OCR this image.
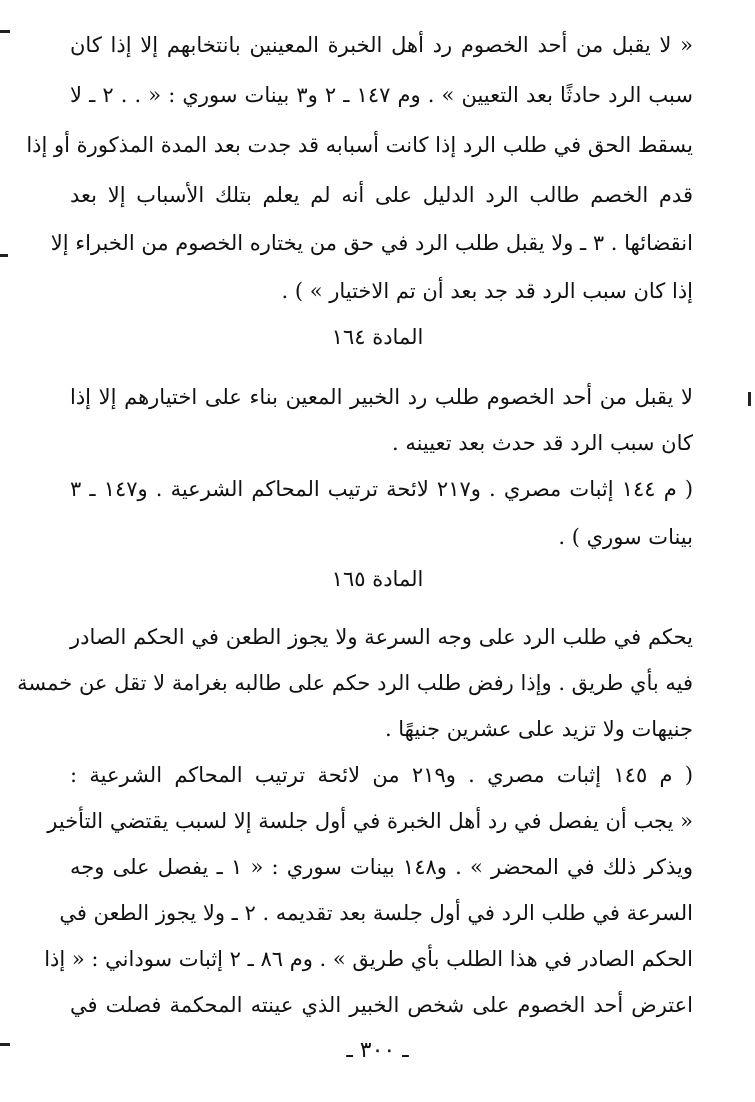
« لا يقبل من أحد الخصوم رد أهل الخبرة المعينين بانتخابهم إلا إذا كان
سبب الرد حادثًا بعد التعيين » . وم ١٤٧ ـ ٢ و٣ بينات سوري : « . . ٢ ـ لا
يسقط الحق في طلب الرد إذا كانت أسبابه قد جدت بعد المدة المذكورة أو إذا
قدم الخصم طالب الرد الدليل على أنه لم يعلم بتلك الأسباب إلا بعد
انقضائها . ٣ ـ ولا يقبل طلب الرد في حق من يختاره الخصوم من الخبراء إلا
إذا كان سبب الرد قد جد بعد أن تم الاختيار » ) .
المادة ١٦٤
لا يقبل من أحد الخصوم طلب رد الخبير المعين بناء على اختيارهم إلا إذا
كان سبب الرد قد حدث بعد تعيينه .
( م ١٤٤ إثبات مصري . و٢١٧ لائحة ترتيب المحاكم الشرعية . و١٤٧ ـ ٣
بينات سوري ) .
المادة ١٦٥
يحكم في طلب الرد على وجه السرعة ولا يجوز الطعن في الحكم الصادر
فيه بأي طريق . وإذا رفض طلب الرد حكم على طالبه بغرامة لا تقل عن خمسة
جنيهات ولا تزيد على عشرين جنيهًا .
( م ١٤٥ إثبات مصري . و٢١٩ من لائحة ترتيب المحاكم الشرعية :
« يجب أن يفصل في رد أهل الخبرة في أول جلسة إلا لسبب يقتضي التأخير
ويذكر ذلك في المحضر » . و١٤٨ بينات سوري : « ١ ـ يفصل على وجه
السرعة في طلب الرد في أول جلسة بعد تقديمه . ٢ ـ ولا يجوز الطعن في
الحكم الصادر في هذا الطلب بأي طريق » . وم ٨٦ ـ ٢ إثبات سوداني : « إذا
اعترض أحد الخصوم على شخص الخبير الذي عينته المحكمة فصلت في
ـ ٣٠٠ ـ
